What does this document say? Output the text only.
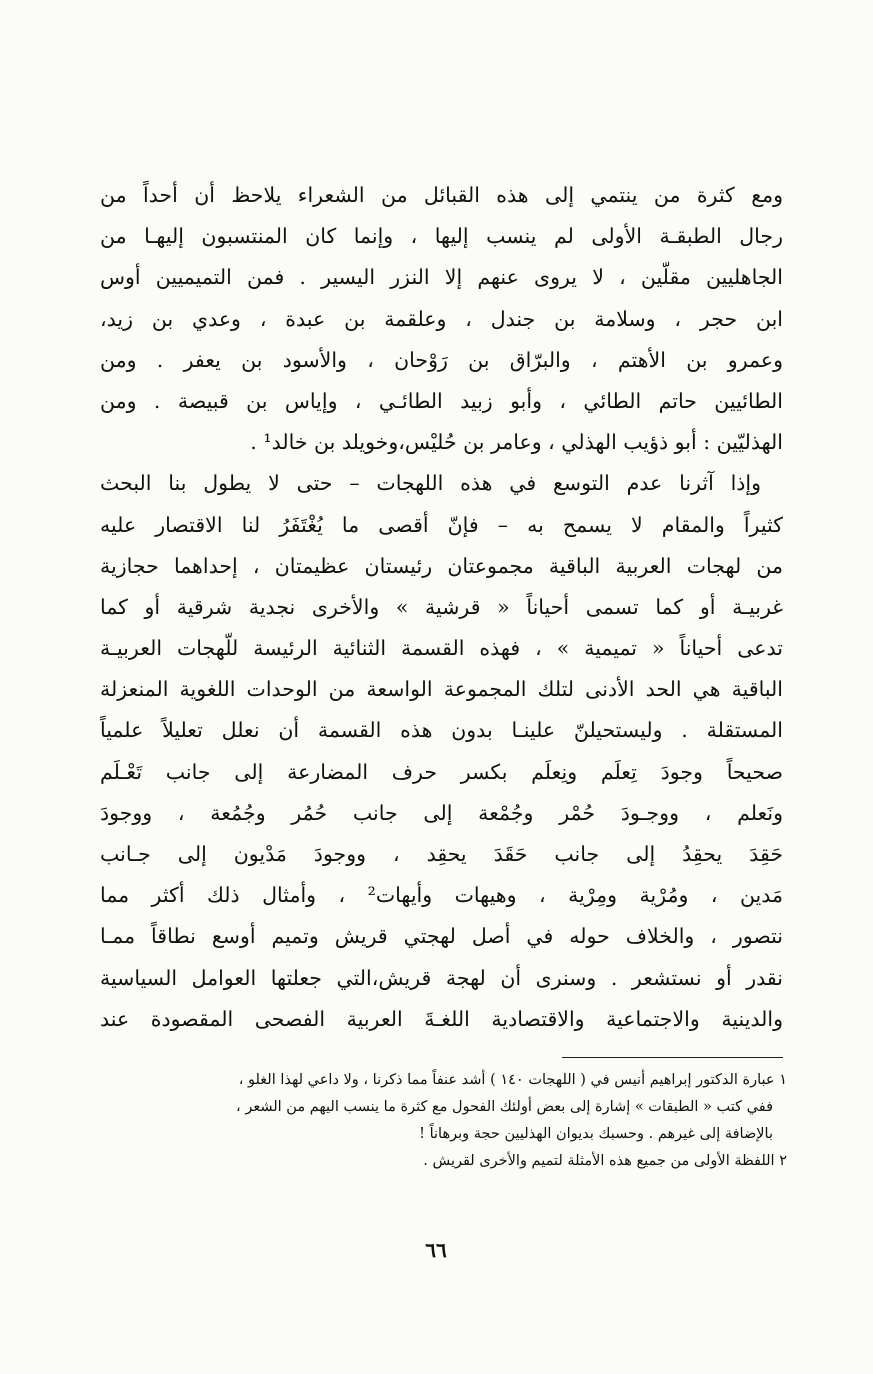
ومع كثرة من ينتمي إلى هذه القبائل من الشعراء يلاحظ أن أحداً من
رجال الطبقـة الأولى لم ينسب إليها ، وإنما كان المنتسبون إليهـا من
الجاهليين مقلّين ، لا يروى عنهم إلا النزر اليسير . فمن التميميين أوس
ابن حجر ، وسلامة بن جندل ، وعلقمة بن عبدة ، وعدي بن زيد،
وعمرو بن الأهتم ، والبرّاق بن رَوْحان ، والأسود بن يعفر . ومن
الطائيين حاتم الطائي ، وأبو زبيد الطائـي ، وإياس بن قبيصة . ومن
الهذليّين : أبو ذؤيب الهذلي ، وعامر بن حُليْس،وخويلد بن خالد¹ .
وإذا آثرنا عدم التوسع في هذه اللهجات – حتى لا يطول بنا البحث
كثيراً والمقام لا يسمح به – فإنّ أقصى ما يُغْتَفَرُ لنا الاقتصار عليه
من لهجات العربية الباقية مجموعتان رئيستان عظيمتان ، إحداهما حجازية
غربيـة أو كما تسمى أحياناً « قرشية » والأخرى نجدية شرقية أو كما
تدعى أحياناً « تميمية » ، فهذه القسمة الثنائية الرئيسة للّهجات العربيـة
الباقية هي الحد الأدنى لتلك المجموعة الواسعة من الوحدات اللغوية المنعزلة
المستقلة . وليستحيلنّ علينـا بدون هذه القسمة أن نعلل تعليلاً علمياً
صحيحاً وجودَ تِعلَم ونِعلَم بكسر حرف المضارعة إلى جانب تَعْـلَم
ونَعلم ، ووجـودَ حُمْر وجُمْعة إلى جانب حُمُر وجُمُعة ، ووجودَ
حَقِدَ يحقِدُ إلى جانب حَقَدَ يحقِد ، ووجودَ مَدْيون إلى جـانب
مَدين ، ومُرْية ومِرْية ، وهيهات وأيهات² ، وأمثال ذلك أكثر مما
نتصور ، والخلاف حوله في أصل لهجتي قريش وتميم أوسع نطاقاً ممـا
نقدر أو نستشعر . وسنرى أن لهجة قريش،التي جعلتها العوامل السياسية
والدينية والاجتماعية والاقتصادية اللغـةَ العربية الفصحى المقصودة عند
١ عبارة الدكتور إبراهيم أنيس في ( اللهجات ١٤٠ ) أشد عنفاً مما ذكرنا ، ولا داعي لهذا الغلو ،
ففي كتب « الطبقات » إشارة إلى بعض أولئك الفحول مع كثرة ما ينسب اليهم من الشعر ،
بالإضافة إلى غيرهم . وحسبك بديوان الهذليين حجة وبرهاناً !
٢ اللفظة الأولى من جميع هذه الأمثلة لتميم والأخرى لقريش .
٦٦
